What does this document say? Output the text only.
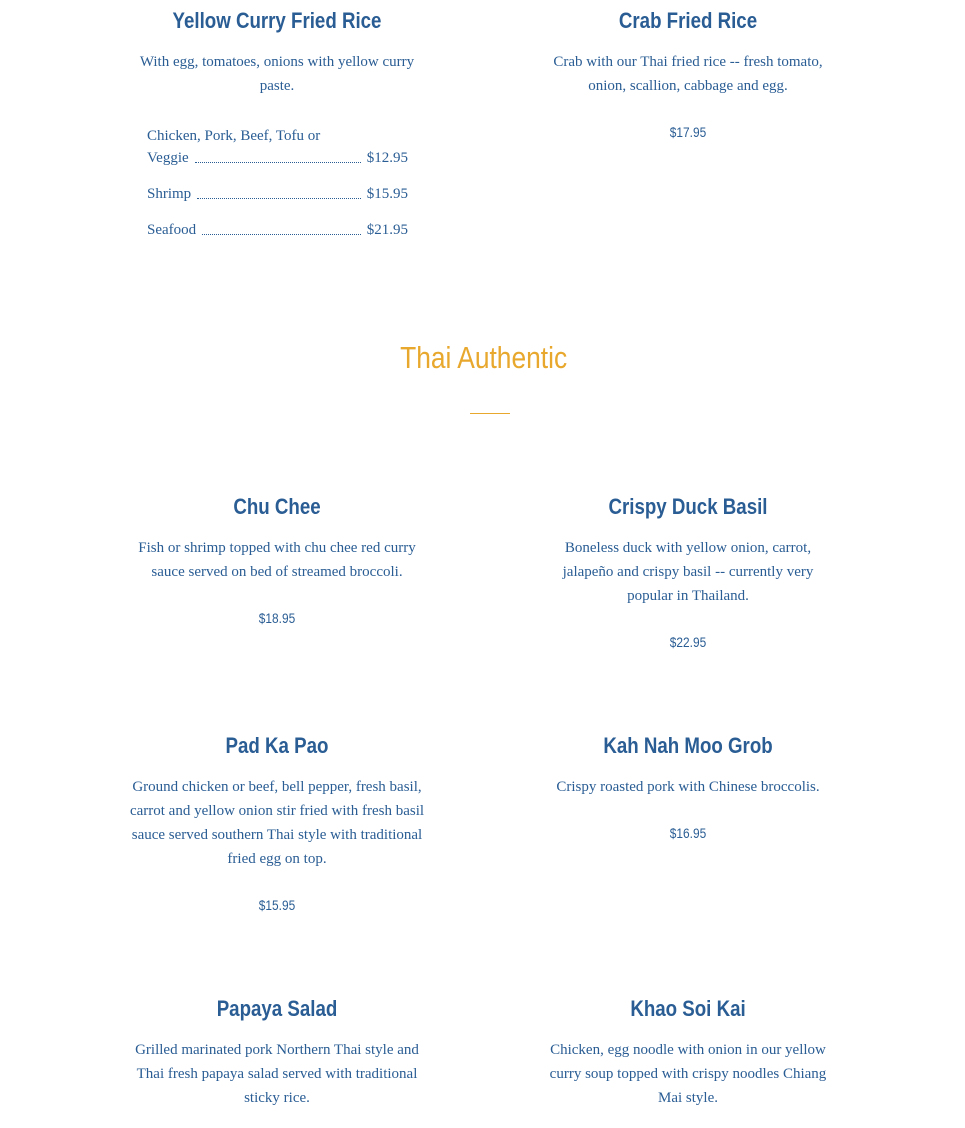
Yellow Curry Fried Rice

With egg, tomatoes, onions with yellow curry paste.

Chicken, Pork, Beef, Tofu or
Veggie	$12.95
Shrimp	$15.95
Seafood	$21.95
Crab Fried Rice

Crab with our Thai fried rice -- fresh tomato, onion, scallion, cabbage and egg.

$17.95

Thai Authentic
Chu Chee

Fish or shrimp topped with chu chee red curry sauce served on bed of streamed broccoli.

$18.95

Crispy Duck Basil

Boneless duck with yellow onion, carrot, jalapeño and crispy basil -- currently very popular in Thailand.

$22.95

Pad Ka Pao

Ground chicken or beef, bell pepper, fresh basil, carrot and yellow onion stir fried with fresh basil sauce served southern Thai style with traditional fried egg on top.

$15.95

Kah Nah Moo Grob

Crispy roasted pork with Chinese broccolis.

$16.95

Papaya Salad

Grilled marinated pork Northern Thai style and Thai fresh papaya salad served with traditional sticky rice.

Khao Soi Kai

Chicken, egg noodle with onion in our yellow curry soup topped with crispy noodles Chiang Mai style.
